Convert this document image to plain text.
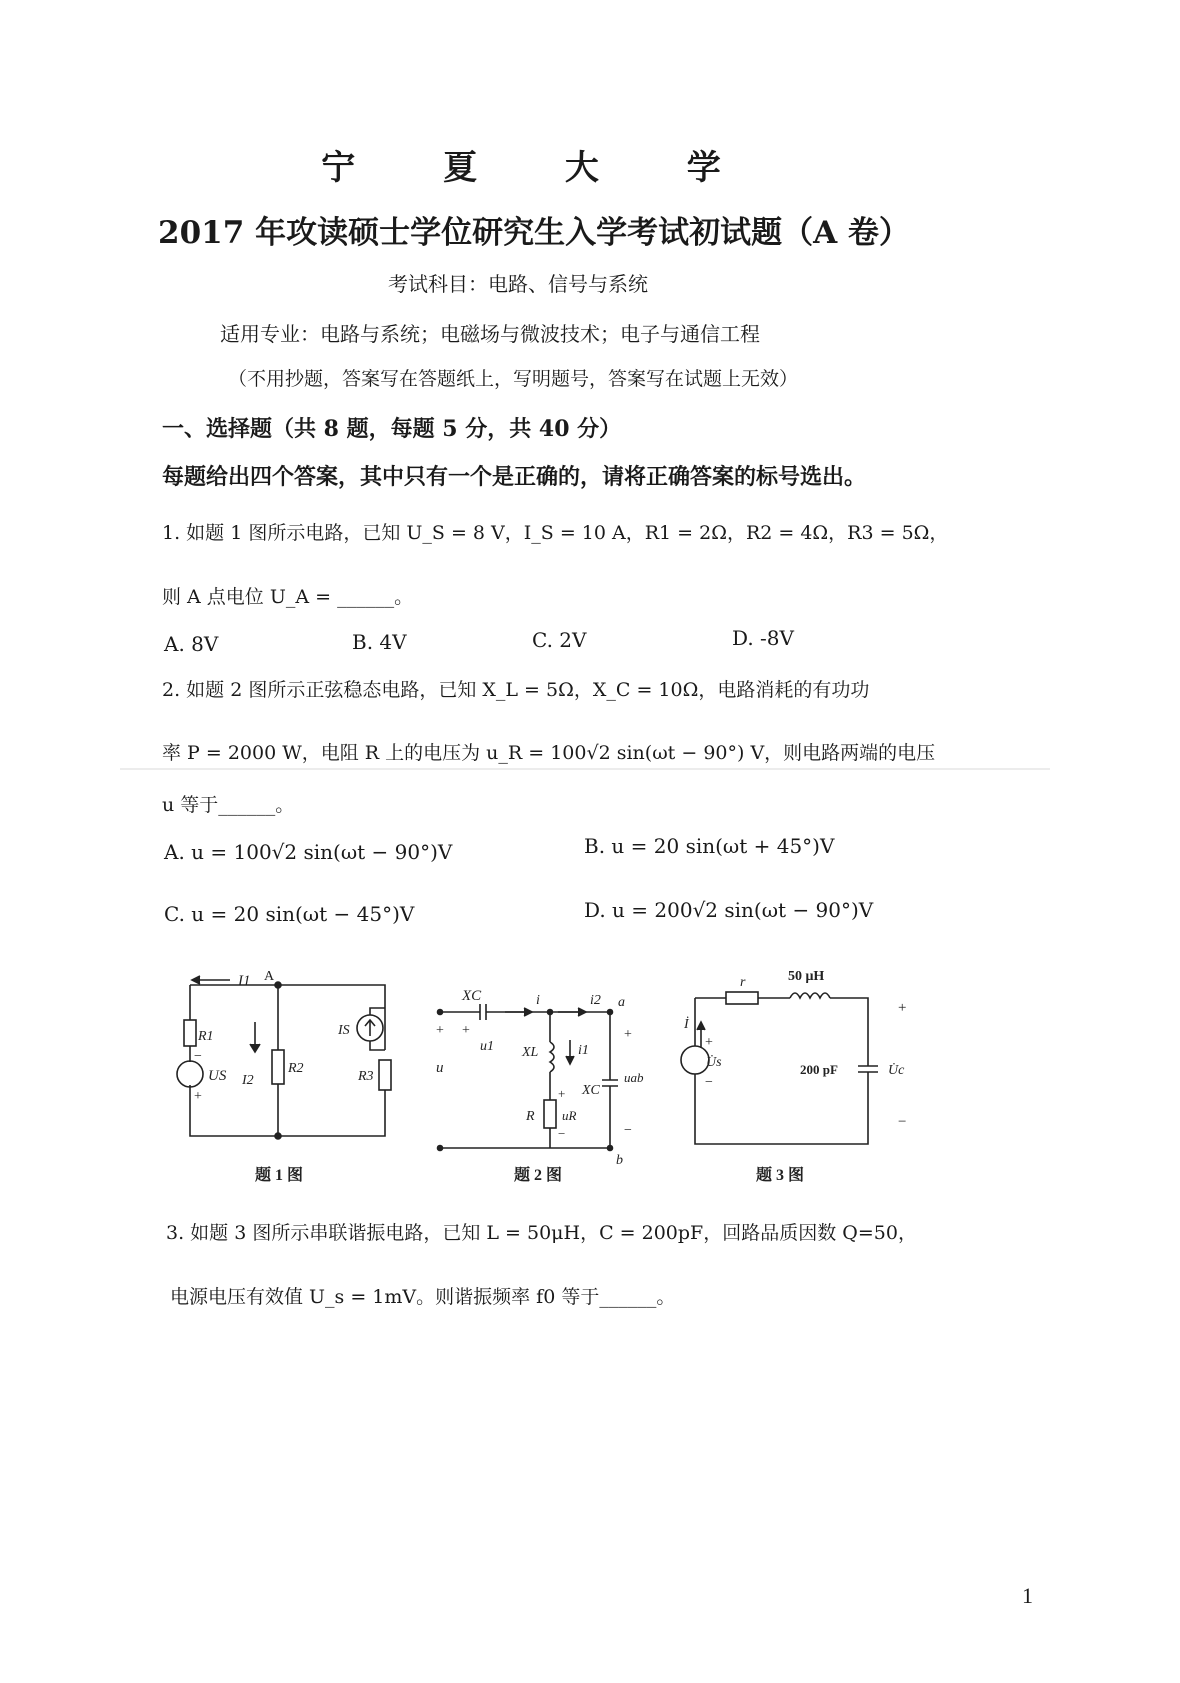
宁 夏 大 学
2017 年攻读硕士学位研究生入学考试初试题（A 卷）
考试科目：电路、信号与系统
适用专业：电路与系统；电磁场与微波技术；电子与通信工程
（不用抄题，答案写在答题纸上，写明题号，答案写在试题上无效）
一、选择题（共 8 题，每题 5 分，共 40 分）
每题给出四个答案，其中只有一个是正确的，请将正确答案的标号选出。
1. 如题 1 图所示电路，已知 U_S = 8 V，I_S = 10 A，R1 = 2Ω，R2 = 4Ω，R3 = 5Ω，
则 A 点电位 U_A = ______。
A. 8V	B. 4V	C. 2V	D. -8V
2. 如题 2 图所示正弦稳态电路，已知 X_L = 5Ω，X_C = 10Ω，电路消耗的有功功
率 P = 2000 W，电阻 R 上的电压为 u_R = 100√2 sin(ωt − 90°) V，则电路两端的电压
u 等于______。
A. u = 100√2 sin(ωt − 90°)V	B. u = 20 sin(ωt + 45°)V
C. u = 20 sin(ωt − 45°)V	D. u = 200√2 sin(ωt − 90°)V
I1 A
R1
R2
I2
IS
R3
US
−
+
题 1 图
XC	i	i2 a
b
+ +
u1
u
XL	i1
R uR
+
−
XC
uab
+
−
题 2 图
r	50 μH
İ
U̇s
+
−
200 pF	U̇c
+
−
题 3 图
3. 如题 3 图所示串联谐振电路，已知 L = 50μH，C = 200pF，回路品质因数 Q=50，
电源电压有效值 U_s = 1mV。则谐振频率 f0 等于______。
1
